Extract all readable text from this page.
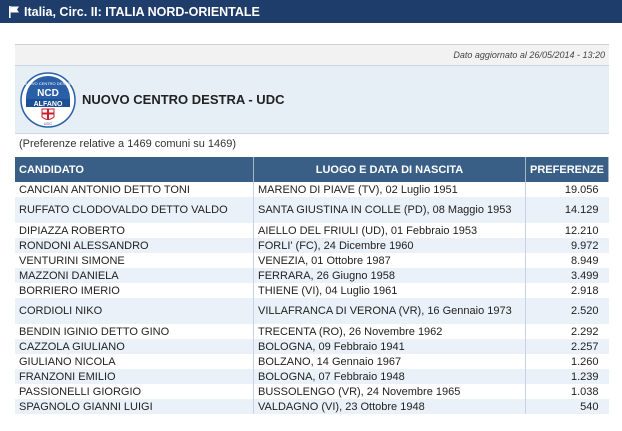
Italia, Circ. II: ITALIA NORD-ORIENTALE
Dato aggiornato al 26/05/2014 - 13:20
NUOVO CENTRO DESTRA
NCD
ALFANO
UDC
NUOVO CENTRO DESTRA - UDC
(Preferenze relative a 1469 comuni su 1469)
CANDIDATO	LUOGO E DATA DI NASCITA	PREFERENZE
CANCIAN ANTONIO DETTO TONI	MARENO DI PIAVE (TV), 02 Luglio 1951	19.056
RUFFATO CLODOVALDO DETTO VALDO	SANTA GIUSTINA IN COLLE (PD), 08 Maggio 1953	14.129
DIPIAZZA ROBERTO	AIELLO DEL FRIULI (UD), 01 Febbraio 1953	12.210
RONDONI ALESSANDRO	FORLI' (FC), 24 Dicembre 1960	9.972
VENTURINI SIMONE	VENEZIA, 01 Ottobre 1987	8.949
MAZZONI DANIELA	FERRARA, 26 Giugno 1958	3.499
BORRIERO IMERIO	THIENE (VI), 04 Luglio 1961	2.918
CORDIOLI NIKO	VILLAFRANCA DI VERONA (VR), 16 Gennaio 1973	2.520
BENDIN IGINIO DETTO GINO	TRECENTA (RO), 26 Novembre 1962	2.292
CAZZOLA GIULIANO	BOLOGNA, 09 Febbraio 1941	2.257
GIULIANO NICOLA	BOLZANO, 14 Gennaio 1967	1.260
FRANZONI EMILIO	BOLOGNA, 07 Febbraio 1948	1.239
PASSIONELLI GIORGIO	BUSSOLENGO (VR), 24 Novembre 1965	1.038
SPAGNOLO GIANNI LUIGI	VALDAGNO (VI), 23 Ottobre 1948	540
